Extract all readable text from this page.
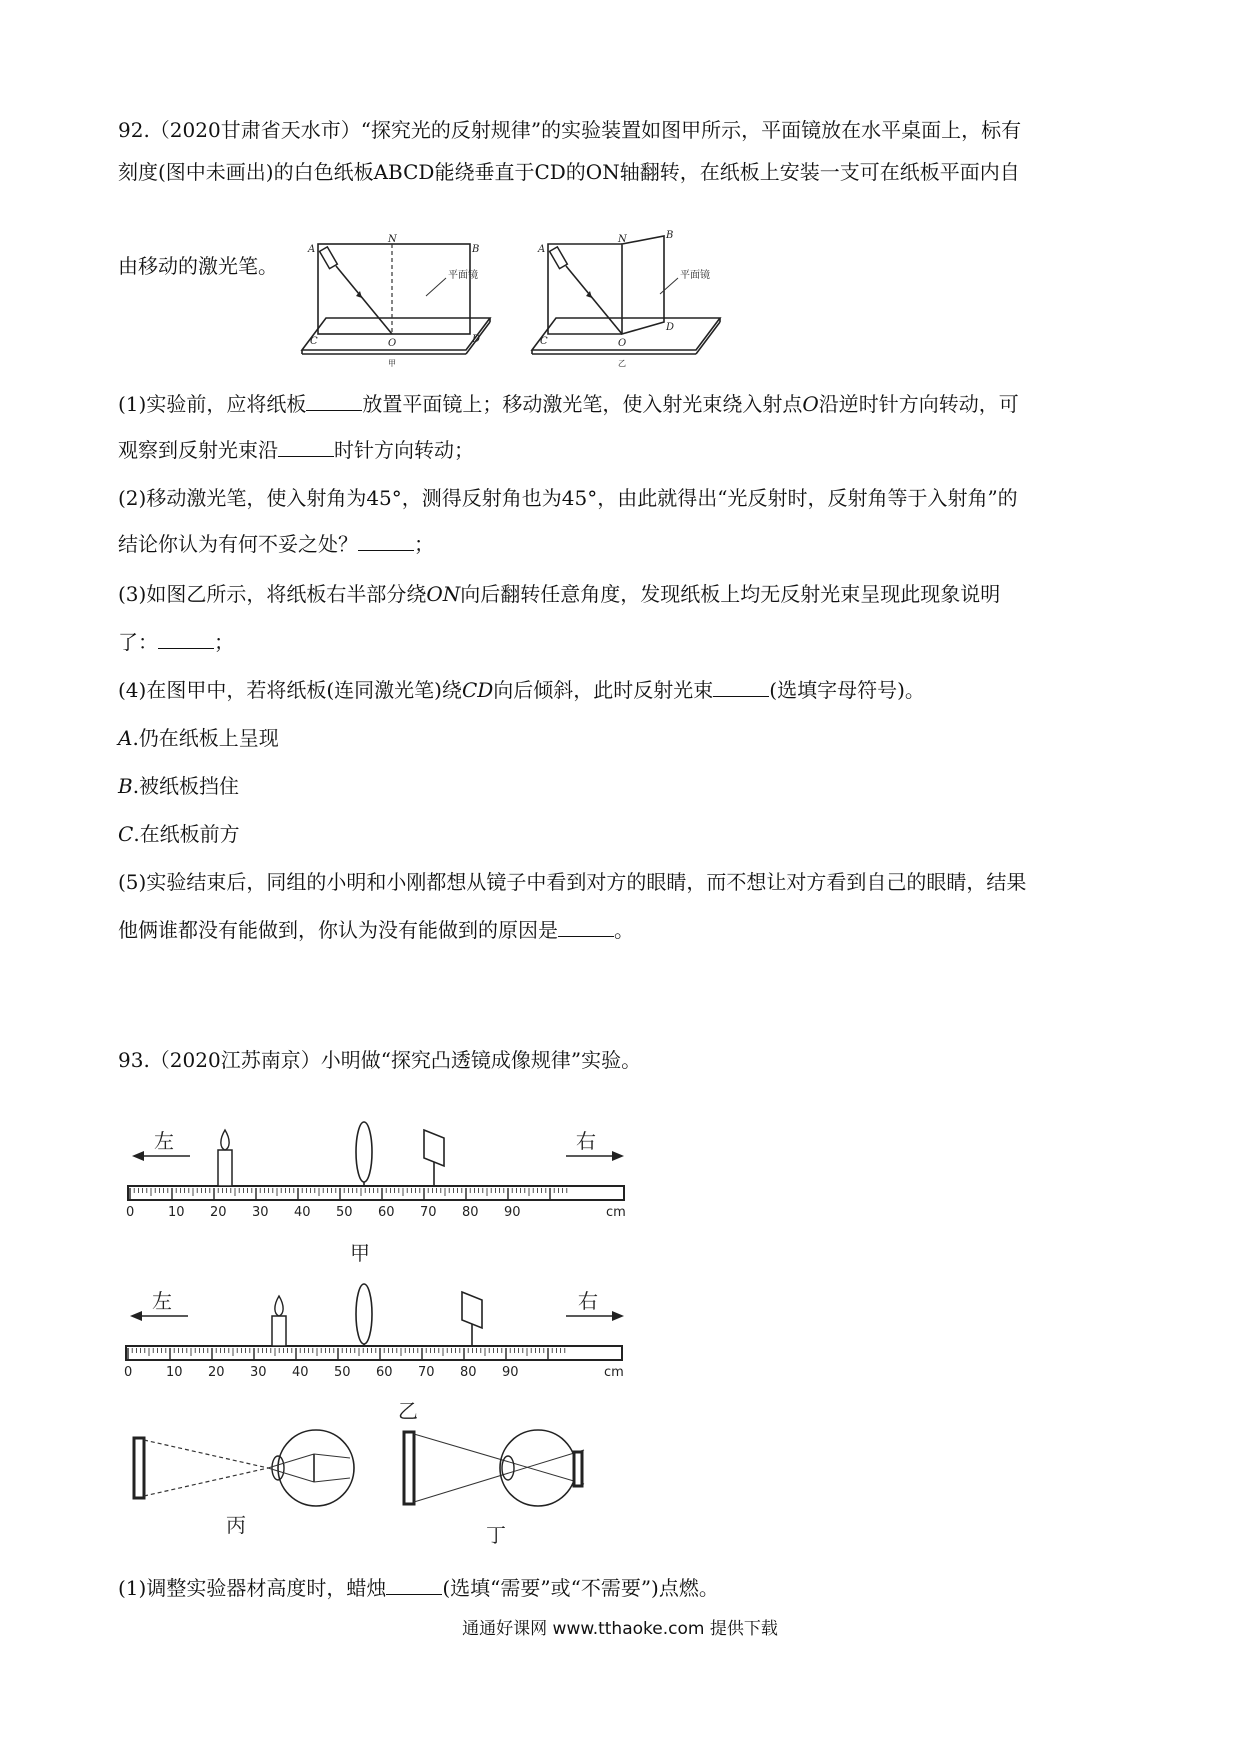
92.（2020甘肃省天水市）“探究光的反射规律”的实验装置如图甲所示，平面镜放在水平桌面上，标有
刻度(图中未画出)的白色纸板ABCD能绕垂直于CD的ON轴翻转，在纸板上安装一支可在纸板平面内自
由移动的激光笔。
A
N
B
C	O	D
平面镜
甲
A
N	B
C	O
D
平面镜
乙
(1)实验前，应将纸板	放置平面镜上；移动激光笔，使入射光束绕入射点O沿逆时针方向转动，可
观察到反射光束沿	时针方向转动；
(2)移动激光笔，使入射角为45°，测得反射角也为45°，由此就得出“光反射时，反射角等于入射角”的
结论你认为有何不妥之处？	；
(3)如图乙所示，将纸板右半部分绕ON向后翻转任意角度，发现纸板上均无反射光束呈现此现象说明
了：	；
(4)在图甲中，若将纸板(连同激光笔)绕CD向后倾斜，此时反射光束	(选填字母符号)。
A.仍在纸板上呈现
B.被纸板挡住
C.在纸板前方
(5)实验结束后，同组的小明和小刚都想从镜子中看到对方的眼睛，而不想让对方看到自己的眼睛，结果
他俩谁都没有能做到，你认为没有能做到的原因是	。
93.（2020江苏南京）小明做“探究凸透镜成像规律”实验。
左	右
0	10 20 30 40 50 60 70 80 90	cm
甲
左	右
0	10 20 30 40 50 60 70 80 90	cm
乙
丙	丁
(1)调整实验器材高度时，蜡烛	(选填“需要”或“不需要”)点燃。
通通好课网 www.tthaoke.com 提供下载
